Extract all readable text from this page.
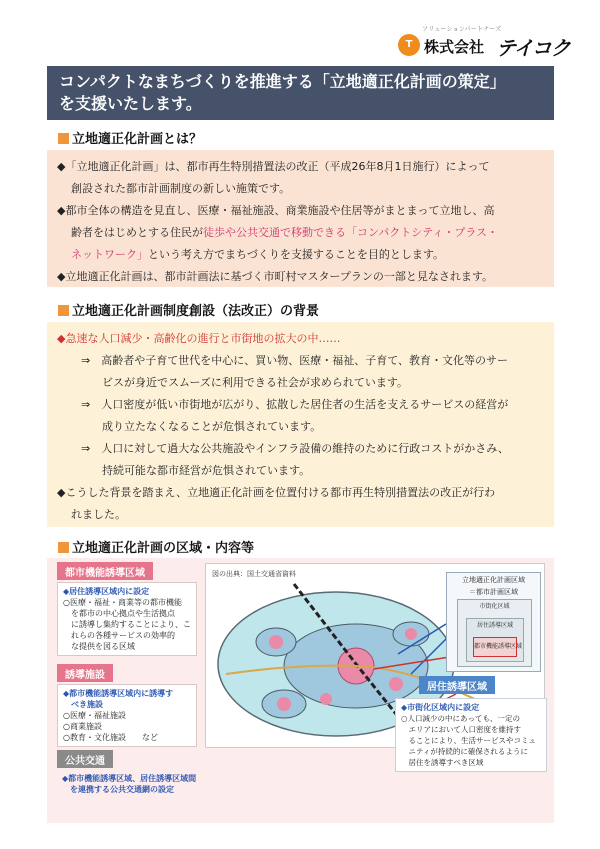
ソリューションパートナーズ
T 株式会社 テイコク
コンパクトなまちづくりを推進する「立地適正化計画の策定」
を支援いたします。
立地適正化計画とは？
◆「立地適正化計画」は、都市再生特別措置法の改正（平成26年8月1日施行）によって
創設された都市計画制度の新しい施策です。
◆都市全体の構造を見直し、医療・福祉施設、商業施設や住居等がまとまって立地し、高
齢者をはじめとする住民が徒歩や公共交通で移動できる「コンパクトシティ・プラス・
ネットワーク」という考え方でまちづくりを支援することを目的とします。
◆立地適正化計画は、都市計画法に基づく市町村マスタープランの一部と見なされます。
立地適正化計画制度創設（法改正）の背景
◆急速な人口減少・高齢化の進行と市街地の拡大の中……
⇒　高齢者や子育て世代を中心に、買い物、医療・福祉、子育て、教育・文化等のサー
ビスが身近でスムーズに利用できる社会が求められています。
⇒　人口密度が低い市街地が広がり、拡散した居住者の生活を支えるサービスの経営が
成り立たなくなることが危惧されています。
⇒　人口に対して過大な公共施設やインフラ設備の維持のために行政コストがかさみ、
持続可能な都市経営が危惧されています。
◆こうした背景を踏まえ、立地適正化計画を位置付ける都市再生特別措置法の改正が行わ
れました。
立地適正化計画の区域・内容等
都市機能誘導区域
◆居住誘導区域内に設定
○医療・福祉・商業等の都市機能
　を都市の中心拠点や生活拠点
　に誘導し集約することにより、こ
　れらの各種サービスの効率的
　な提供を図る区域
誘導施設
◆都市機能誘導区域内に誘導す
　べき施設
○医療・福祉施設
○商業施設
○教育・文化施設　　など
公共交通
◆都市機能誘導区域、居住誘導区域間
　を連携する公共交通網の設定
図の出典：国土交通省資料
立地適正化計画区域
＝都市計画区域
市街化区域
居住誘導区域
都市機能誘導区域
居住誘導区域
◆市街化区域内に設定
○人口減少の中にあっても、一定の
　エリアにおいて人口密度を維持す
　ることにより、生活サービスやコミュ
　ニティが持続的に確保されるように
　居住を誘導すべき区域
